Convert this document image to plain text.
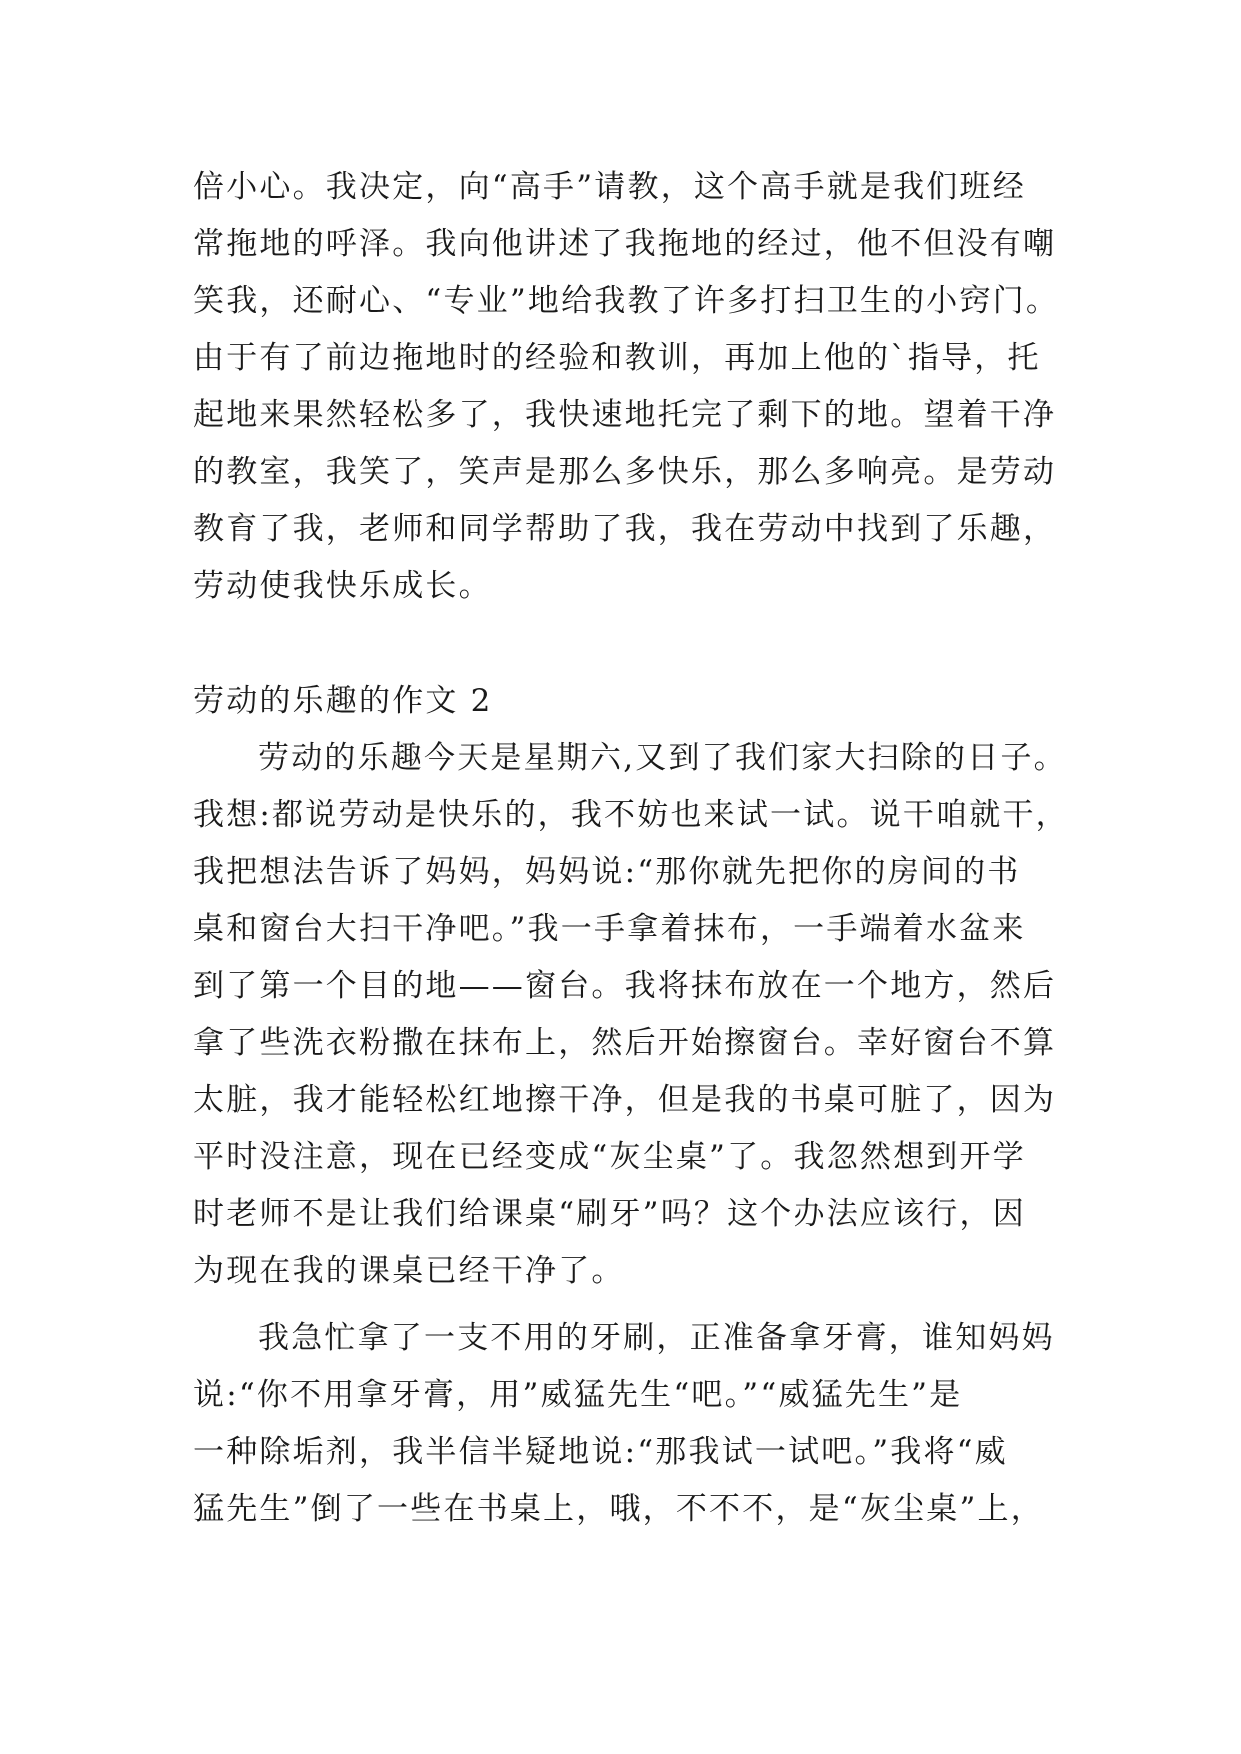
倍小心。我决定，向“高手”请教，这个高手就是我们班经
常拖地的呼泽。我向他讲述了我拖地的经过，他不但没有嘲
笑我，还耐心、“专业”地给我教了许多打扫卫生的小窍门。
由于有了前边拖地时的经验和教训，再加上他的`指导，托
起地来果然轻松多了，我快速地托完了剩下的地。望着干净
的教室，我笑了，笑声是那么多快乐，那么多响亮。是劳动
教育了我，老师和同学帮助了我，我在劳动中找到了乐趣，
劳动使我快乐成长。
劳动的乐趣的作文 2
劳动的乐趣今天是星期六,又到了我们家大扫除的日子。
我想:都说劳动是快乐的，我不妨也来试一试。说干咱就干，
我把想法告诉了妈妈，妈妈说:“那你就先把你的房间的书
桌和窗台大扫干净吧。”我一手拿着抹布，一手端着水盆来
到了第一个目的地——窗台。我将抹布放在一个地方，然后
拿了些洗衣粉撒在抹布上，然后开始擦窗台。幸好窗台不算
太脏，我才能轻松红地擦干净，但是我的书桌可脏了，因为
平时没注意，现在已经变成“灰尘桌”了。我忽然想到开学
时老师不是让我们给课桌“刷牙”吗？这个办法应该行，因
为现在我的课桌已经干净了。
我急忙拿了一支不用的牙刷，正准备拿牙膏，谁知妈妈
说:“你不用拿牙膏，用”威猛先生“吧。”“威猛先生”是
一种除垢剂，我半信半疑地说:“那我试一试吧。”我将“威
猛先生”倒了一些在书桌上，哦，不不不，是“灰尘桌”上，
